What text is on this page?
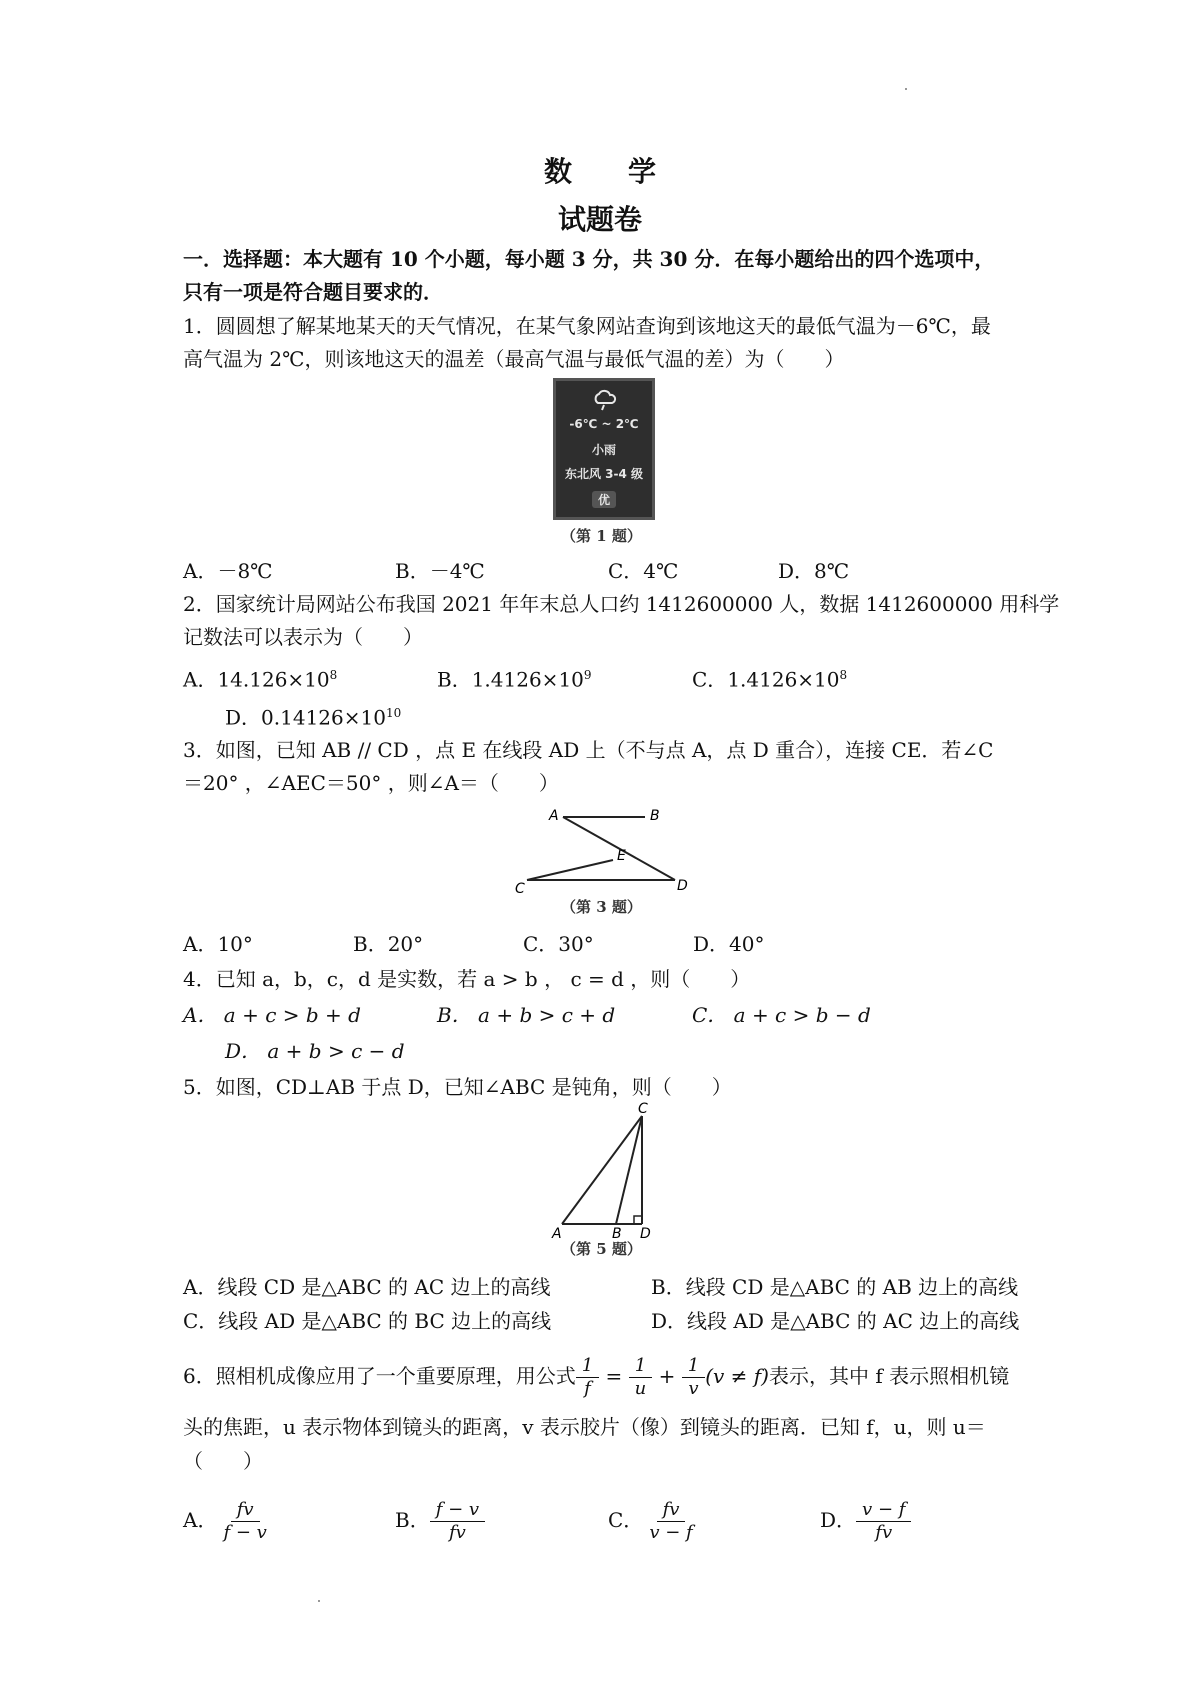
数　　学
试题卷
一．选择题：本大题有 10 个小题，每小题 3 分，共 30 分．在每小题给出的四个选项中，
只有一项是符合题目要求的．
1．圆圆想了解某地某天的天气情况，在某气象网站查询到该地这天的最低气温为－6℃，最
高气温为 2℃，则该地这天的温差（最高气温与最低气温的差）为（　　）
-6℃ ~ 2℃
小雨
东北风 3-4 级
优
（第 1 题）
A．－8℃	B．－4℃	C．4℃	D．8℃
2．国家统计局网站公布我国 2021 年年末总人口约 1412600000 人，数据 1412600000 用科学
记数法可以表示为（　　）
A．$14.126\times 10^8$	B．$1.4126\times 10^9$	C．$1.4126\times 10^8$
D．$0.14126\times 10^{10}$
3．如图，已知 AB // CD ，点 E 在线段 AD 上（不与点 A，点 D 重合），连接 CE．若∠C
＝20° ，∠AEC＝50° ，则∠A＝（　　）
A	B
C	D
E
（第 3 题）
A．10°	B．20°	C．30°	D．40°
4．已知 a，b，c，d 是实数，若 a > b ， c = d ，则（　　）
A． a + c > b + d	B． a + b > c + d	C． a + c > b − d
D． a + b > c − d
5．如图，CD⊥AB 于点 D，已知∠ABC 是钝角，则（　　）
C
A	B D
（第 5 题）
A．线段 CD 是△ABC 的 AC 边上的高线	B．线段 CD 是△ABC 的 AB 边上的高线
C．线段 AD 是△ABC 的 BC 边上的高线	D．线段 AD 是△ABC 的 AC 边上的高线
6．照相机成像应用了一个重要原理，用公式 $\frac{1}{f} = \frac{1}{u} + \frac{1}{v} (v \ne f)$表示，其中 f 表示照相机镜
头的焦距，u 表示物体到镜头的距离，v 表示胶片（像）到镜头的距离．已知 f，u，则 u＝
（　　）
A． $\frac{fv}{f - v}$	B． $\frac{f - v}{fv}$	C． $\frac{fv}{v - f}$	D． $\frac{v - f}{fv}$
